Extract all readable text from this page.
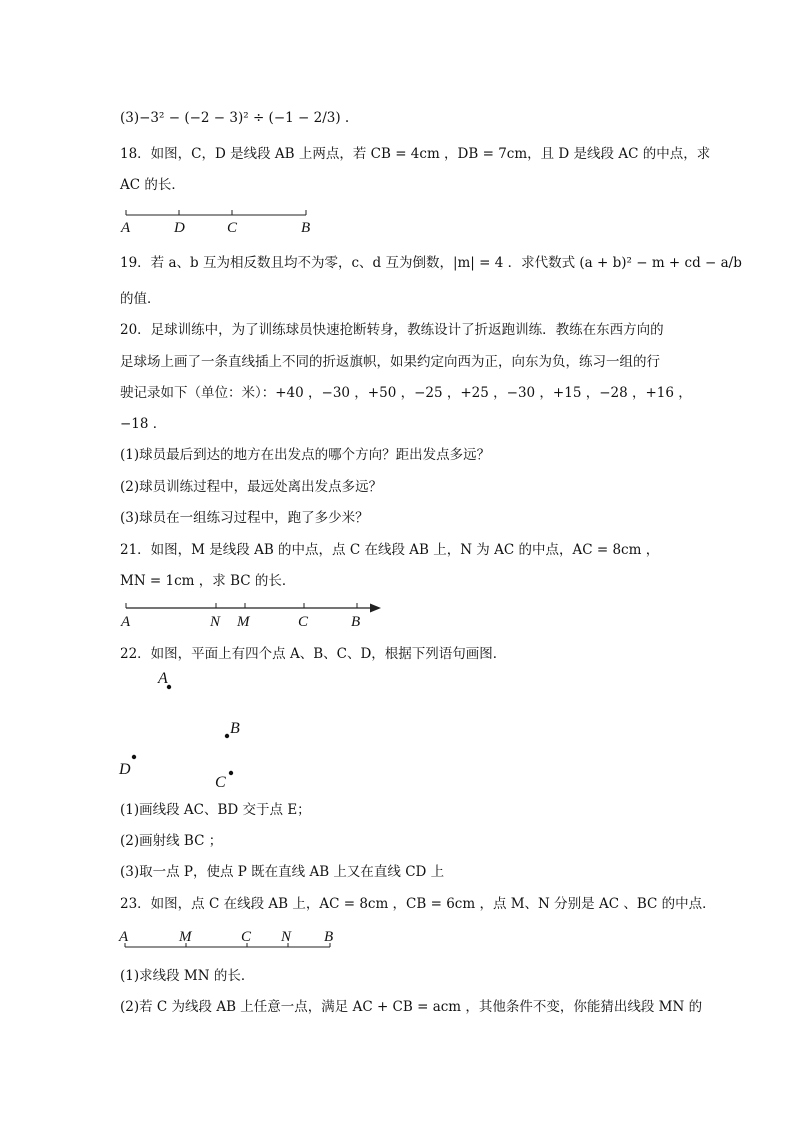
(3)−3² − (−2 − 3)² ÷ (−1 − 2/3) .
18．如图，C，D 是线段 AB 上两点，若 CB = 4cm ，DB = 7cm，且 D 是线段 AC 的中点，求
AC 的长．
A	D	C	B
19．若 a、b 互为相反数且均不为零，c、d 互为倒数，|m| = 4 ．求代数式 (a + b)² − m + cd − a/b
的值．
20．足球训练中，为了训练球员快速抢断转身，教练设计了折返跑训练．教练在东西方向的
足球场上画了一条直线插上不同的折返旗帜，如果约定向西为正，向东为负，练习一组的行
驶记录如下（单位：米）：+40 ，−30 ，+50 ，−25 ，+25 ，−30 ，+15 ，−28 ，+16 ，
−18 ．
(1)球员最后到达的地方在出发点的哪个方向？距出发点多远？
(2)球员训练过程中，最远处离出发点多远？
(3)球员在一组练习过程中，跑了多少米？
21．如图，M 是线段 AB 的中点，点 C 在线段 AB 上，N 为 AC 的中点，AC = 8cm ，
MN = 1cm ，求 BC 的长．
A	N M	C	B
22．如图，平面上有四个点 A、B、C、D，根据下列语句画图．
A
B
D
C
(1)画线段 AC、BD 交于点 E；
(2)画射线 BC ；
(3)取一点 P，使点 P 既在直线 AB 上又在直线 CD 上
23．如图，点 C 在线段 AB 上，AC = 8cm ，CB = 6cm ，点 M、N 分别是 AC 、BC 的中点．
A	M	C N B
(1)求线段 MN 的长．
(2)若 C 为线段 AB 上任意一点，满足 AC + CB = acm ，其他条件不变，你能猜出线段 MN 的
